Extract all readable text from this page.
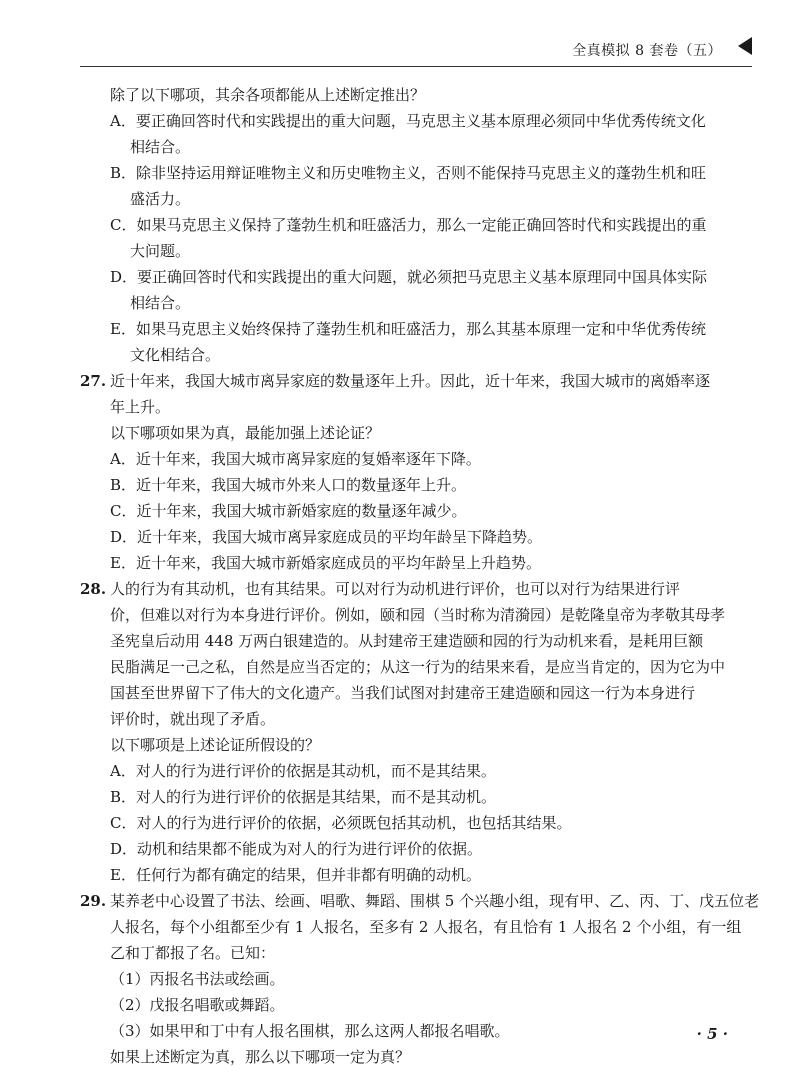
全真模拟 8 套卷（五）
除了以下哪项，其余各项都能从上述断定推出？
A．要正确回答时代和实践提出的重大问题，马克思主义基本原理必须同中华优秀传统文化
相结合。
B．除非坚持运用辩证唯物主义和历史唯物主义，否则不能保持马克思主义的蓬勃生机和旺
盛活力。
C．如果马克思主义保持了蓬勃生机和旺盛活力，那么一定能正确回答时代和实践提出的重
大问题。
D．要正确回答时代和实践提出的重大问题，就必须把马克思主义基本原理同中国具体实际
相结合。
E．如果马克思主义始终保持了蓬勃生机和旺盛活力，那么其基本原理一定和中华优秀传统
文化相结合。
27. 近十年来，我国大城市离异家庭的数量逐年上升。因此，近十年来，我国大城市的离婚率逐
年上升。
以下哪项如果为真，最能加强上述论证？
A．近十年来，我国大城市离异家庭的复婚率逐年下降。
B．近十年来，我国大城市外来人口的数量逐年上升。
C．近十年来，我国大城市新婚家庭的数量逐年减少。
D．近十年来，我国大城市离异家庭成员的平均年龄呈下降趋势。
E．近十年来，我国大城市新婚家庭成员的平均年龄呈上升趋势。
28. 人的行为有其动机，也有其结果。可以对行为动机进行评价，也可以对行为结果进行评
价，但难以对行为本身进行评价。例如，颐和园（当时称为清漪园）是乾隆皇帝为孝敬其母孝
圣宪皇后动用 448 万两白银建造的。从封建帝王建造颐和园的行为动机来看，是耗用巨额
民脂满足一己之私，自然是应当否定的；从这一行为的结果来看，是应当肯定的，因为它为中
国甚至世界留下了伟大的文化遗产。当我们试图对封建帝王建造颐和园这一行为本身进行
评价时，就出现了矛盾。
以下哪项是上述论证所假设的？
A．对人的行为进行评价的依据是其动机，而不是其结果。
B．对人的行为进行评价的依据是其结果，而不是其动机。
C．对人的行为进行评价的依据，必须既包括其动机，也包括其结果。
D．动机和结果都不能成为对人的行为进行评价的依据。
E．任何行为都有确定的结果，但并非都有明确的动机。
29. 某养老中心设置了书法、绘画、唱歌、舞蹈、围棋 5 个兴趣小组，现有甲、乙、丙、丁、戊五位老
人报名，每个小组都至少有 1 人报名，至多有 2 人报名，有且恰有 1 人报名 2 个小组，有一组
乙和丁都报了名。已知：
（1）丙报名书法或绘画。
（2）戊报名唱歌或舞蹈。
（3）如果甲和丁中有人报名围棋，那么这两人都报名唱歌。
如果上述断定为真，那么以下哪项一定为真？
· 5 ·
